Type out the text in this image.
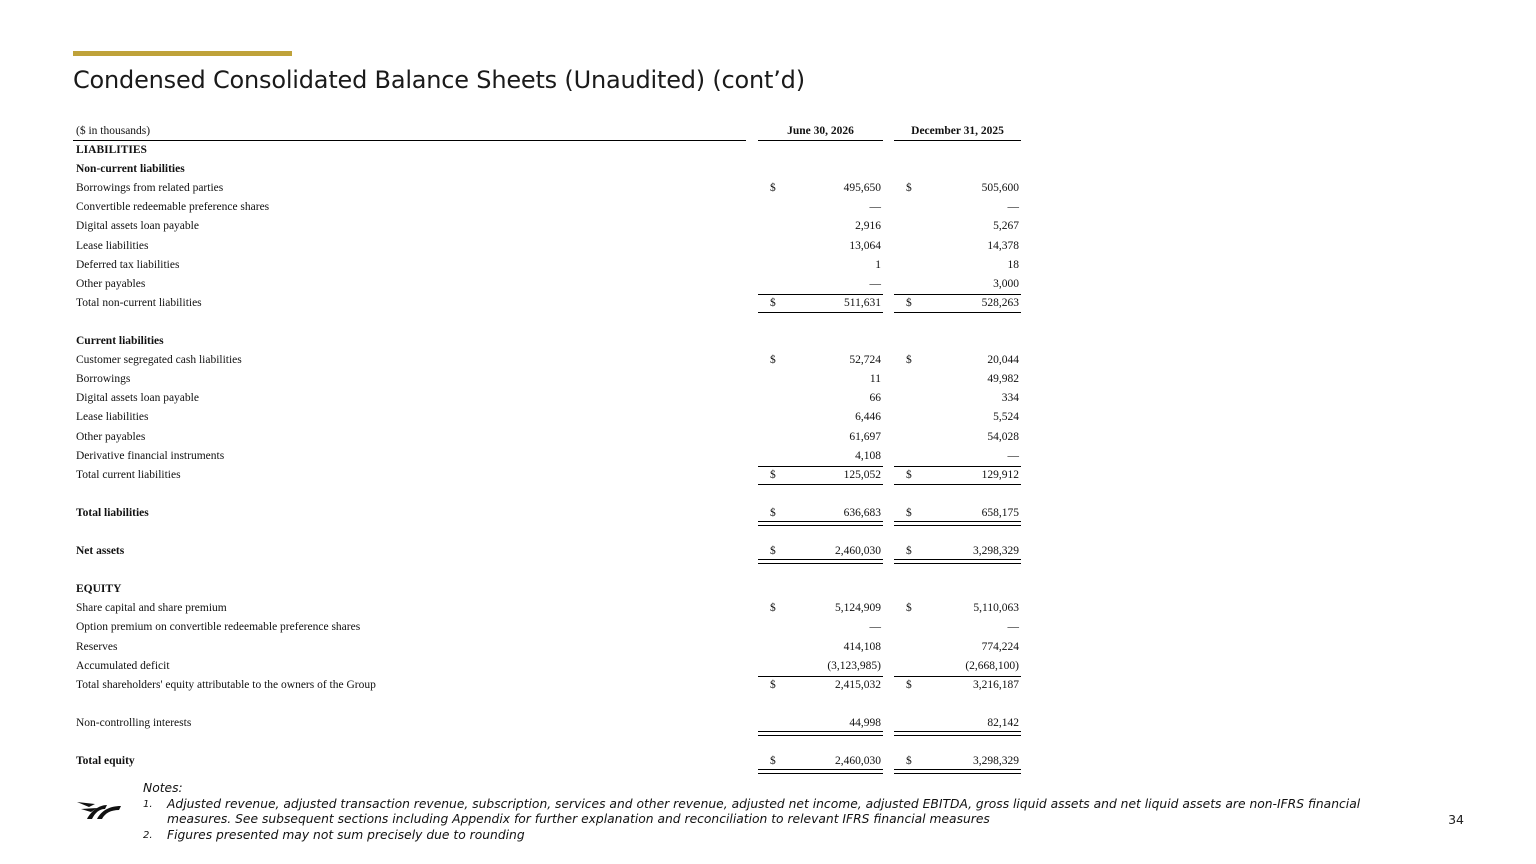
Condensed Consolidated Balance Sheets (Unaudited) (cont’d)
($ in thousands)	June 30, 2026	December 31, 2025
LIABILITIES
Non-current liabilities
Borrowings from related parties	$	495,650 $	505,600
Convertible redeemable preference shares	—	—
Digital assets loan payable	2,916	5,267
Lease liabilities	13,064	14,378
Deferred tax liabilities	1	18
Other payables	—	3,000
Total non-current liabilities	$	511,631 $	528,263
Current liabilities
Customer segregated cash liabilities	$	52,724 $	20,044
Borrowings	11	49,982
Digital assets loan payable	66	334
Lease liabilities	6,446	5,524
Other payables	61,697	54,028
Derivative financial instruments	4,108	—
Total current liabilities	$	125,052 $	129,912
Total liabilities	$	636,683 $	658,175
Net assets	$	2,460,030 $	3,298,329
EQUITY
Share capital and share premium	$	5,124,909 $	5,110,063
Option premium on convertible redeemable preference shares	—	—
Reserves	414,108	774,224
Accumulated deficit	(3,123,985)	(2,668,100)
Total shareholders' equity attributable to the owners of the Group	$	2,415,032 $	3,216,187
Non-controlling interests	44,998	82,142
Total equity	$	2,460,030 $	3,298,329
Notes:
1. Adjusted revenue, adjusted transaction revenue, subscription, services and other revenue, adjusted net income, adjusted EBITDA, gross liquid assets and net liquid assets are non-IFRS financial measures. See subsequent sections including Appendix for further explanation and reconciliation to relevant IFRS financial measures
2. Figures presented may not sum precisely due to rounding
34
